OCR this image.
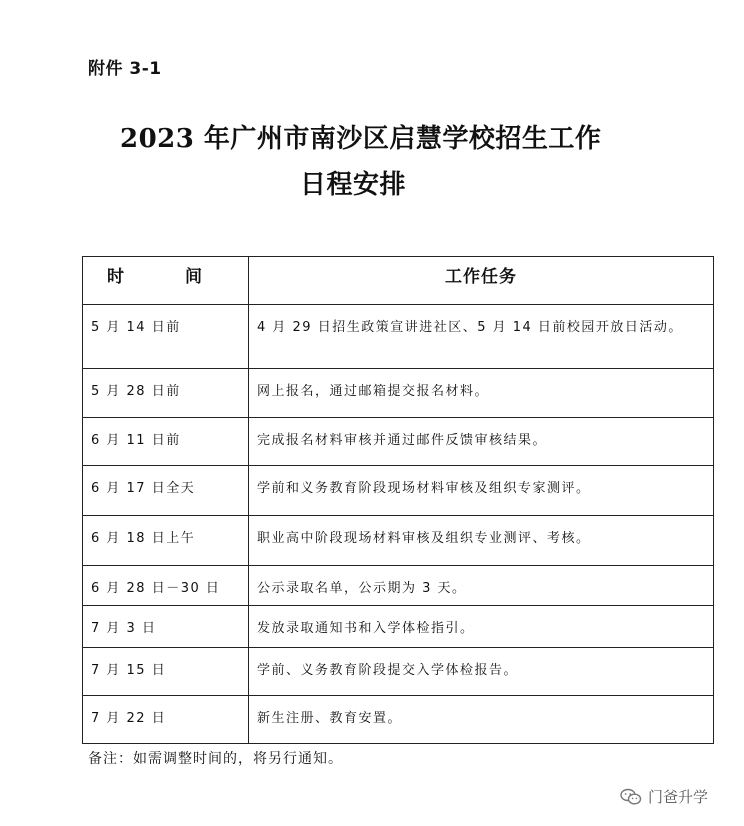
附件 3-1
2023 年广州市南沙区启慧学校招生工作
日程安排
时　间	工作任务
5 月 14 日前	4 月 29 日招生政策宣讲进社区、5 月 14 日前校园开放日活动。
5 月 28 日前	网上报名，通过邮箱提交报名材料。
6 月 11 日前	完成报名材料审核并通过邮件反馈审核结果。
6 月 17 日全天	学前和义务教育阶段现场材料审核及组织专家测评。
6 月 18 日上午	职业高中阶段现场材料审核及组织专业测评、考核。
6 月 28 日－30 日	公示录取名单，公示期为 3 天。
7 月 3 日	发放录取通知书和入学体检指引。
7 月 15 日	学前、义务教育阶段提交入学体检报告。
7 月 22 日	新生注册、教育安置。
备注：如需调整时间的，将另行通知。
门爸升学
